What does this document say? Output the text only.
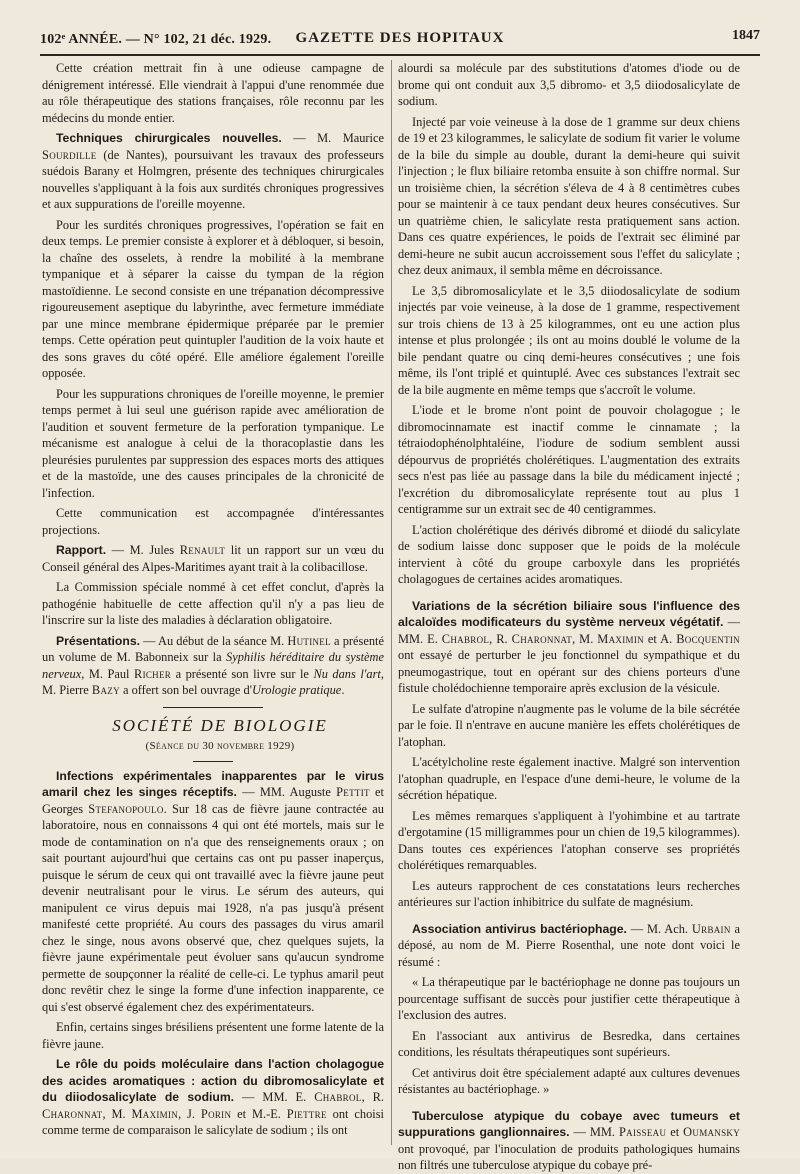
102ᵉ ANNÉE. — N° 102, 21 déc. 1929.	GAZETTE DES HOPITAUX	1847

Cette création mettrait fin à une odieuse campagne de dénigrement intéressé. Elle viendrait à l'appui d'une renommée due au rôle thérapeutique des stations françaises, rôle reconnu par les médecins du monde entier.

Techniques chirurgicales nouvelles. — M. Maurice Sourdille (de Nantes), poursuivant les travaux des professeurs suédois Barany et Holmgren, présente des techniques chirurgicales nouvelles s'appliquant à la fois aux surdités chroniques progressives et aux suppurations de l'oreille moyenne.

Pour les surdités chroniques progressives, l'opération se fait en deux temps. Le premier consiste à explorer et à débloquer, si besoin, la chaîne des osselets, à rendre la mobilité à la membrane tympanique et à séparer la caisse du tympan de la région mastoïdienne. Le second consiste en une trépanation décompressive rigoureusement aseptique du labyrinthe, avec fermeture immédiate par une mince membrane épidermique préparée par le premier temps. Cette opération peut quintupler l'audition de la voix haute et des sons graves du côté opéré. Elle améliore également l'oreille opposée.

Pour les suppurations chroniques de l'oreille moyenne, le premier temps permet à lui seul une guérison rapide avec amélioration de l'audition et souvent fermeture de la perforation tympanique. Le mécanisme est analogue à celui de la thoracoplastie dans les pleurésies purulentes par suppression des espaces morts des attiques et de la mastoïde, une des causes principales de la chronicité de l'infection.

Cette communication est accompagnée d'intéressantes projections.

Rapport. — M. Jules Renault lit un rapport sur un vœu du Conseil général des Alpes-Maritimes ayant trait à la colibacillose.

La Commission spéciale nommé à cet effet conclut, d'après la pathogénie habituelle de cette affection qu'il n'y a pas lieu de l'inscrire sur la liste des maladies à déclaration obligatoire.

Présentations. — Au début de la séance M. Hutinel a présenté un volume de M. Babonneix sur la Syphilis héréditaire du système nerveux, M. Paul Richer a présenté son livre sur le Nu dans l'art, M. Pierre Bazy a offert son bel ouvrage d'Urologie pratique.

SOCIÉTÉ DE BIOLOGIE

(Séance du 30 novembre 1929)

Infections expérimentales inapparentes par le virus amaril chez les singes réceptifs. — MM. Auguste Pettit et Georges Stefanopoulo. Sur 18 cas de fièvre jaune contractée au laboratoire, nous en connaissons 4 qui ont été mortels, mais sur le mode de contamination on n'a que des renseignements oraux ; on sait pourtant aujourd'hui que certains cas ont pu passer inaperçus, puisque le sérum de ceux qui ont travaillé avec la fièvre jaune peut devenir neutralisant pour le virus. Le sérum des auteurs, qui manipulent ce virus depuis mai 1928, n'a pas jusqu'à présent manifesté cette propriété. Au cours des passages du virus amaril chez le singe, nous avons observé que, chez quelques sujets, la fièvre jaune expérimentale peut évoluer sans qu'aucun syndrome permette de soupçonner la réalité de celle-ci. Le typhus amaril peut donc revêtir chez le singe la forme d'une infection inapparente, ce qui s'est observé également chez des expérimentateurs.

Enfin, certains singes brésiliens présentent une forme latente de la fièvre jaune.

Le rôle du poids moléculaire dans l'action cholagogue des acides aromatiques : action du dibromosalicylate et du diiodosalicylate de sodium. — MM. E. Chabrol, R. Charonnat, M. Maximin, J. Porin et M.-E. Piettre ont choisi comme terme de comparaison le salicylate de sodium ; ils ont

alourdi sa molécule par des substitutions d'atomes d'iode ou de brome qui ont conduit aux 3,5 dibromo- et 3,5 diiodosalicylate de sodium.

Injecté par voie veineuse à la dose de 1 gramme sur deux chiens de 19 et 23 kilogrammes, le salicylate de sodium fit varier le volume de la bile du simple au double, durant la demi-heure qui suivit l'injection ; le flux biliaire retomba ensuite à son chiffre normal. Sur un troisième chien, la sécrétion s'éleva de 4 à 8 centimètres cubes pour se maintenir à ce taux pendant deux heures consécutives. Sur un quatrième chien, le salicylate resta pratiquement sans action. Dans ces quatre expériences, le poids de l'extrait sec éliminé par demi-heure ne subit aucun accroissement sous l'effet du salicylate ; chez deux animaux, il sembla même en décroissance.

Le 3,5 dibromosalicylate et le 3,5 diiodosalicylate de sodium injectés par voie veineuse, à la dose de 1 gramme, respectivement sur trois chiens de 13 à 25 kilogrammes, ont eu une action plus intense et plus prolongée ; ils ont au moins doublé le volume de la bile pendant quatre ou cinq demi-heures consécutives ; une fois même, ils l'ont triplé et quintuplé. Avec ces substances l'extrait sec de la bile augmente en même temps que s'accroît le volume.

L'iode et le brome n'ont point de pouvoir cholagogue ; le dibromocinnamate est inactif comme le cinnamate ; la tétraiodophénolphtaléine, l'iodure de sodium semblent aussi dépourvus de propriétés cholérétiques. L'augmentation des extraits secs n'est pas liée au passage dans la bile du médicament injecté ; l'excrétion du dibromosalicylate représente tout au plus 1 centigramme sur un extrait sec de 40 centigrammes.

L'action cholérétique des dérivés dibromé et diiodé du salicylate de sodium laisse donc supposer que le poids de la molécule intervient à côté du groupe carboxyle dans les propriétés cholagogues de certaines acides aromatiques.

Variations de la sécrétion biliaire sous l'influence des alcaloïdes modificateurs du système nerveux végétatif. — MM. E. Chabrol, R. Charonnat, M. Maximin et A. Bocquentin ont essayé de perturber le jeu fonctionnel du sympathique et du pneumogastrique, tout en opérant sur des chiens porteurs d'une fistule cholédochienne temporaire après exclusion de la vésicule.

Le sulfate d'atropine n'augmente pas le volume de la bile sécrétée par le foie. Il n'entrave en aucune manière les effets cholérétiques de l'atophan.

L'acétylcholine reste également inactive. Malgré son intervention l'atophan quadruple, en l'espace d'une demi-heure, le volume de la sécrétion hépatique.

Les mêmes remarques s'appliquent à l'yohimbine et au tartrate d'ergotamine (15 milligrammes pour un chien de 19,5 kilogrammes). Dans toutes ces expériences l'atophan conserve ses propriétés cholérétiques remarquables.

Les auteurs rapprochent de ces constatations leurs recherches antérieures sur l'action inhibitrice du sulfate de magnésium.

Association antivirus bactériophage. — M. Ach. Urbain a déposé, au nom de M. Pierre Rosenthal, une note dont voici le résumé :

« La thérapeutique par le bactériophage ne donne pas toujours un pourcentage suffisant de succès pour justifier cette thérapeutique à l'exclusion des autres.

En l'associant aux antivirus de Besredka, dans certaines conditions, les résultats thérapeutiques sont supérieurs.

Cet antivirus doit être spécialement adapté aux cultures devenues résistantes au bactériophage. »

Tuberculose atypique du cobaye avec tumeurs et suppurations ganglionnaires. — MM. Paisseau et Oumansky ont provoqué, par l'inoculation de produits pathologiques humains non filtrés une tuberculose atypique du cobaye pré-
